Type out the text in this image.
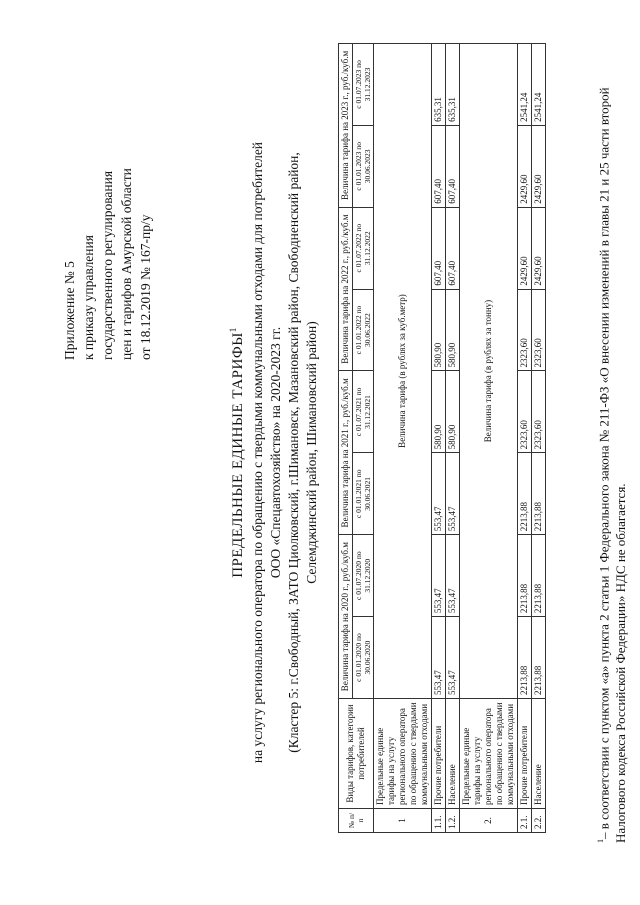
Приложение № 5 к приказу управления государственного регулирования цен и тарифов Амурской области от 18.12.2019 № 167-пр/у
ПРЕДЕЛЬНЫЕ ЕДИНЫЕ ТАРИФЫ$^1$ на услугу регионального оператора по обращению с твердыми коммунальными отходами для потребителей ООО «Спецавтохозяйство» на 2020-2023 гг. (Кластер 5: г.Свободный, ЗАТО Циолковский, г.Шимановск, Мазановский район, Свободненский район, Селемджинский район, Шимановский район)
№ п/п	Виды тарифов, категории потребителей	Величина тарифа на 2020 г., руб./куб.м		Величина тарифа на 2021 г., руб./куб.м		Величина тарифа на 2022 г., руб./куб.м		Величина тарифа на 2023 г., руб./куб.м	
		с 01.01.2020 по 30.06.2020	с 01.07.2020 по 31.12.2020	с 01.01.2021 по 30.06.2021	с 01.07.2021 по 31.12.2021	с 01.01.2022 по 30.06.2022	с 01.07.2022 по 31.12.2022	с 01.01.2023 по 30.06.2023	с 01.07.2023 по 31.12.2023
1	Предельные единые тарифы на услугу регионального оператора по обращению с твердыми коммунальными отходами	Величина тарифа (в рублях за куб.метр)							
1.1.	Прочие потребители	553,47	553,47	553,47	580,90	580,90	607,40	607,40	635,31
1.2.	Население	553,47	553,47	553,47	580,90	580,90	607,40	607,40	635,31
2.	Предельные единые тарифы на услугу регионального оператора по обращению с твердыми коммунальными отходами	Величина тарифа (в рублях за тонну)							
2.1.	Прочие потребители	2213,88	2213,88	2213,88	2323,60	2323,60	2429,60	2429,60	2541,24
2.2.	Население	2213,88	2213,88	2213,88	2323,60	2323,60	2429,60	2429,60	2541,24
$^1$– в соответствии с пунктом «а» пункта 2 статьи 1 Федерального закона № 211-ФЗ «О внесении изменений в главы 21 и 25 части второй Налогового кодекса Российской Федерации» НДС не облагается.
